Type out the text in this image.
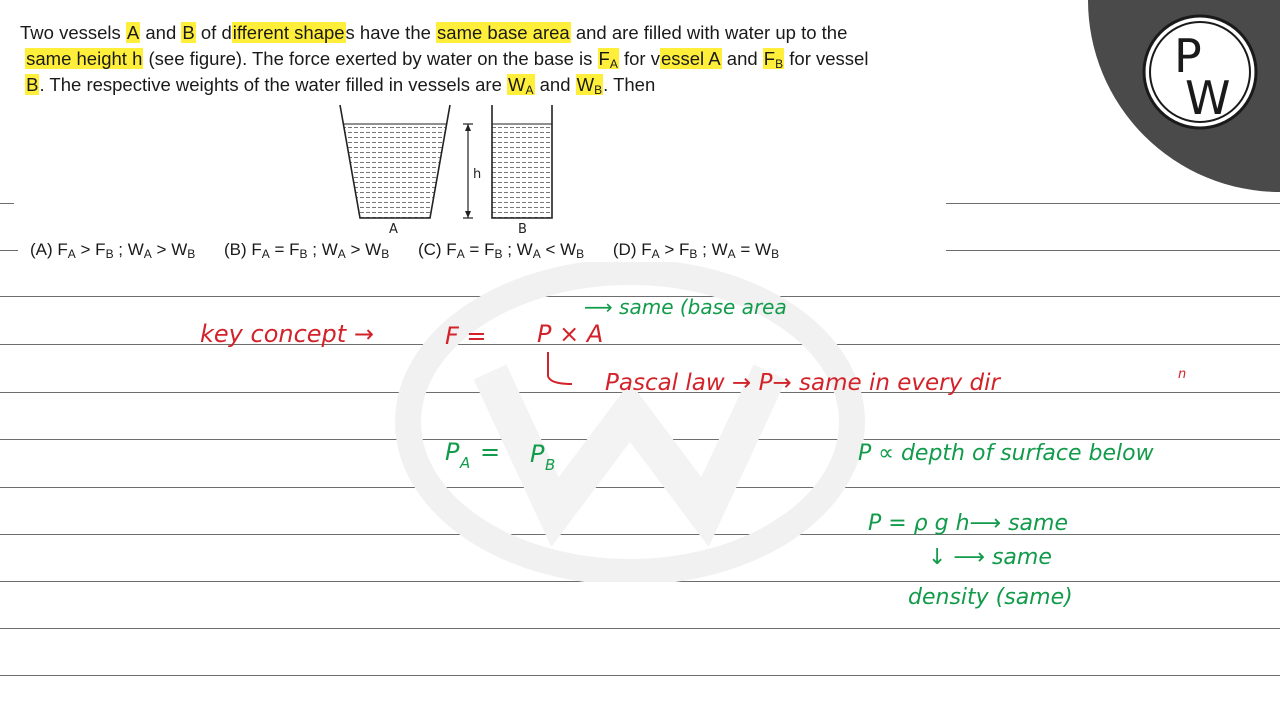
Two vessels A and B of different shapes have the same base area and are filled with water up to the
same height h (see figure). The force exerted by water on the base is $F_A$ for vessel A and $F_B$ for vessel
B. The respective weights of the water filled in vessels are $W_A$ and $W_B$. Then
A
h
B
(A) $F_A > F_B$ ; $W_A > W_B$ (B) $F_A = F_B$ ; $W_A > W_B$ (C) $F_A = F_B$ ; $W_A < W_B$ (D) $F_A > F_B$ ; $W_A = W_B$
key concept →	F = P × A
⟶ same (base area
Pascal law → P→ same in every dir	n
P A = P B	P ∝ depth of surface below
P = ρ g h⟶ same
↓ ⟶ same
density (same)
P
W
